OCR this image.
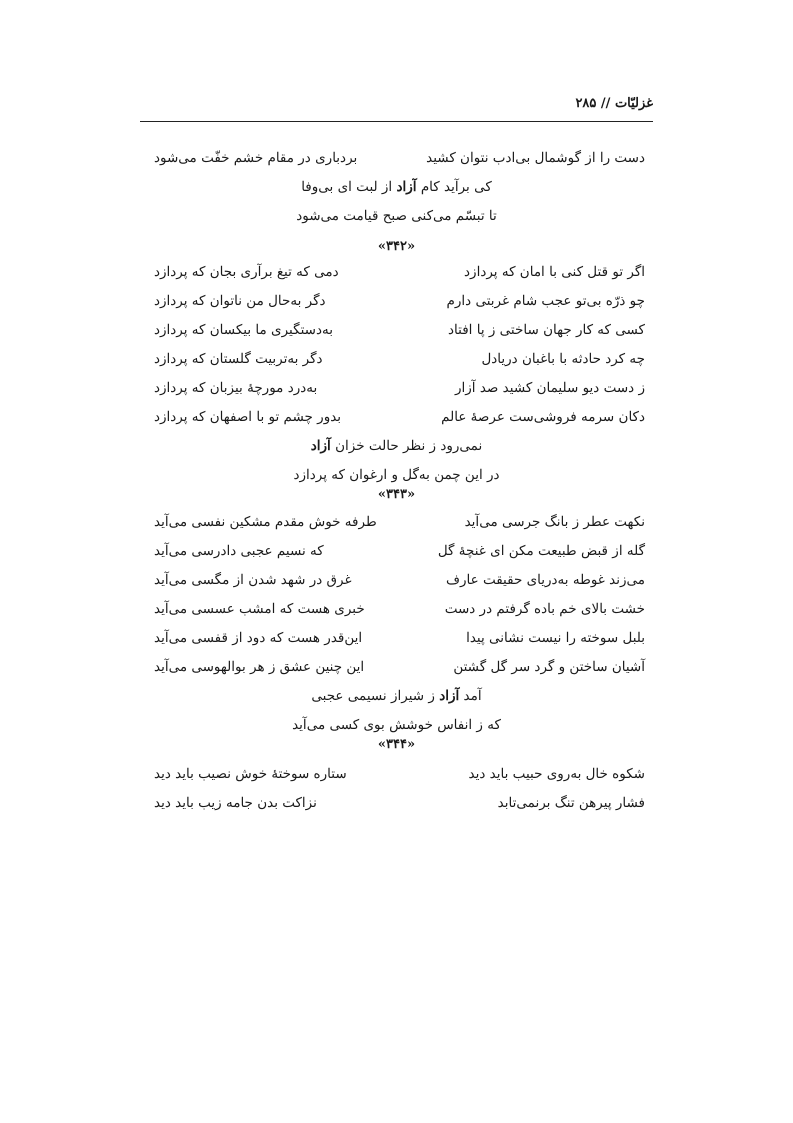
غزلیّات // ۲۸۵
دست را از گوشمال بی‌ادب نتوان کشید
بردباری در مقام خشم خفّت می‌شود
کی برآید کام آزاد از لبت ای بی‌وفا
تا تبسّم می‌کنی صبح قیامت می‌شود
«۳۴۲»
اگر تو قتل کنی با امان که پردازد
دمی که تیغ برآری بجان که پردازد
چو ذرّه بی‌تو عجب شام غربتی دارم
دگر به‌حال من ناتوان که پردازد
کسی که کار جهان ساختی ز پا افتاد
به‌دستگیری ما بیکسان که پردازد
چه کرد حادثه با باغبان دریادل
دگر به‌تربیت گلستان که پردازد
ز دست دیو سلیمان کشید صد آزار
به‌درد مورچهٔ بیزبان که پردازد
دکان سرمه فروشی‌ست عرصهٔ عالم
بدور چشم تو با اصفهان که پردازد
نمی‌رود ز نظر حالت خزان آزاد
در این چمن به‌گل و ارغوان که پردازد
«۳۴۳»
نکهت عطر ز بانگ جرسی می‌آید
طرفه خوش مقدم مشکین نفسی می‌آید
گله از قبض طبیعت مکن ای غنچهٔ گل
که نسیم عجبی دادرسی می‌آید
می‌زند غوطه به‌دریای حقیقت عارف
غرق در شهد شدن از مگسی می‌آید
خشت بالای خم باده گرفتم در دست
خبری هست که امشب عسسی می‌آید
بلبل سوخته را نیست نشانی پیدا
این‌قدر هست که دود از قفسی می‌آید
آشیان ساختن و گرد سر گل گشتن
این چنین عشق ز هر بوالهوسی می‌آید
آمد آزاد ز شیراز نسیمی عجبی
که ز انفاس خوشش بوی کسی می‌آید
«۳۴۴»
شکوه خال به‌روی حبیب باید دید
ستاره سوختهٔ خوش نصیب باید دید
فشار پیرهن تنگ برنمی‌تابد
نزاکت بدن جامه زیب باید دید
